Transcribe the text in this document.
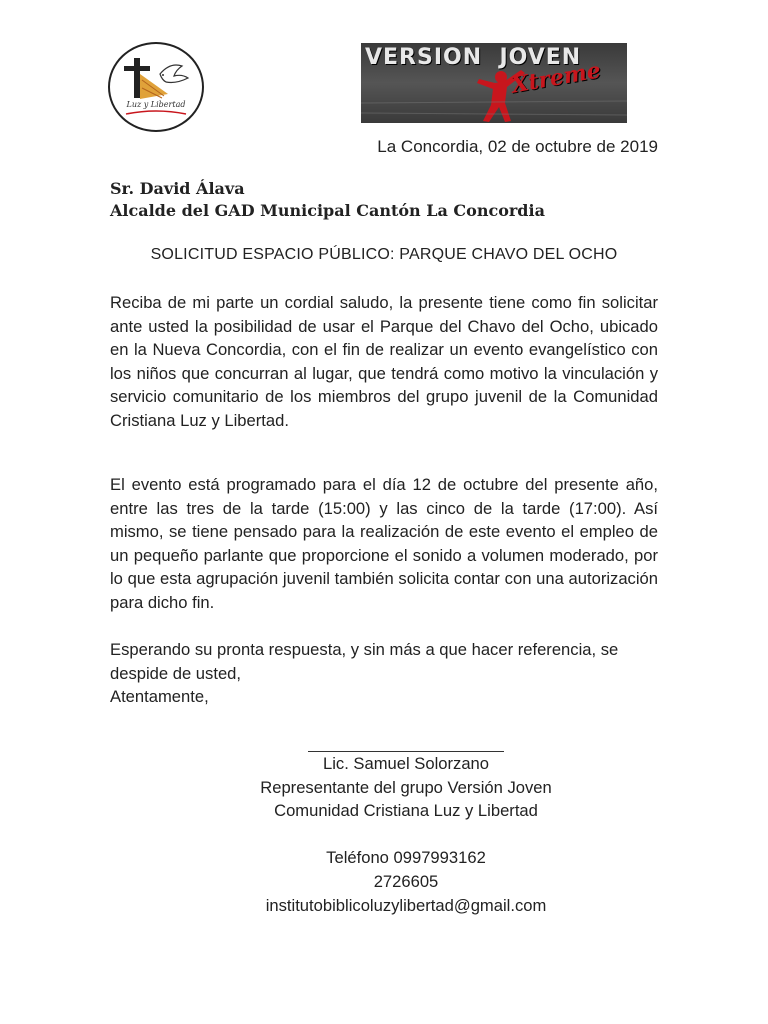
Luz y Libertad
VERSION  JOVEN
Xtreme
La Concordia, 02 de octubre de 2019
Sr. David Álava
Alcalde del GAD Municipal Cantón La Concordia
SOLICITUD ESPACIO PÚBLICO: PARQUE CHAVO DEL OCHO

Reciba de mi parte un cordial saludo, la presente tiene como fin solicitar ante usted la posibilidad de usar el Parque del Chavo del Ocho, ubicado en la Nueva Concordia, con el fin de realizar un evento evangelístico con los niños que concurran al lugar, que tendrá como motivo la vinculación y servicio comunitario de los miembros del grupo juvenil de la Comunidad Cristiana Luz y Libertad.

El evento está programado para el día 12 de octubre del presente año, entre las tres de la tarde (15:00) y las cinco de la tarde (17:00). Así mismo, se tiene pensado para la realización de este evento el empleo de un pequeño parlante que proporcione el sonido a volumen moderado, por lo que esta agrupación juvenil también solicita contar con una autorización para dicho fin.

Esperando su pronta respuesta, y sin más a que hacer referencia, se
despide de usted,
Atentamente,
Lic. Samuel Solorzano
Representante del grupo Versión Joven
Comunidad Cristiana Luz y Libertad
Teléfono 0997993162
2726605
institutobiblicoluzylibertad@gmail.com
